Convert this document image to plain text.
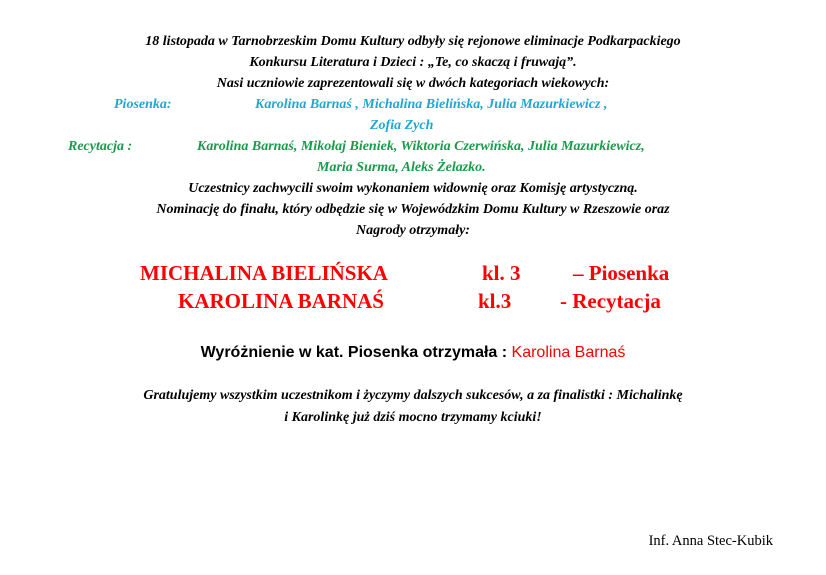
18 listopada w Tarnobrzeskim Domu Kultury odbyły się rejonowe eliminacje Podkarpackiego
Konkursu Literatura i Dzieci : „Te, co skaczą i fruwają”.
Nasi uczniowie zaprezentowali się w dwóch kategoriach wiekowych:
Piosenka:	Karolina Barnaś , Michalina Bielińska, Julia Mazurkiewicz ,
Zofia Zych
Recytacja :	Karolina Barnaś, Mikołaj Bieniek, Wiktoria Czerwińska, Julia Mazurkiewicz,
Maria Surma, Aleks Żelazko.
Uczestnicy zachwycili swoim wykonaniem widownię oraz Komisję artystyczną.
Nominację do finału, który odbędzie się w Wojewódzkim Domu Kultury w Rzeszowie oraz
Nagrody otrzymały:
MICHALINA BIELIŃSKA	kl. 3 – Piosenka
KAROLINA BARNAŚ	kl.3 - Recytacja
Wyróżnienie w kat. Piosenka otrzymała : Karolina Barnaś
Gratulujemy wszystkim uczestnikom i życzymy dalszych sukcesów, a za finalistki : Michalinkę
i Karolinkę już dziś mocno trzymamy kciuki!
Inf. Anna Stec-Kubik
